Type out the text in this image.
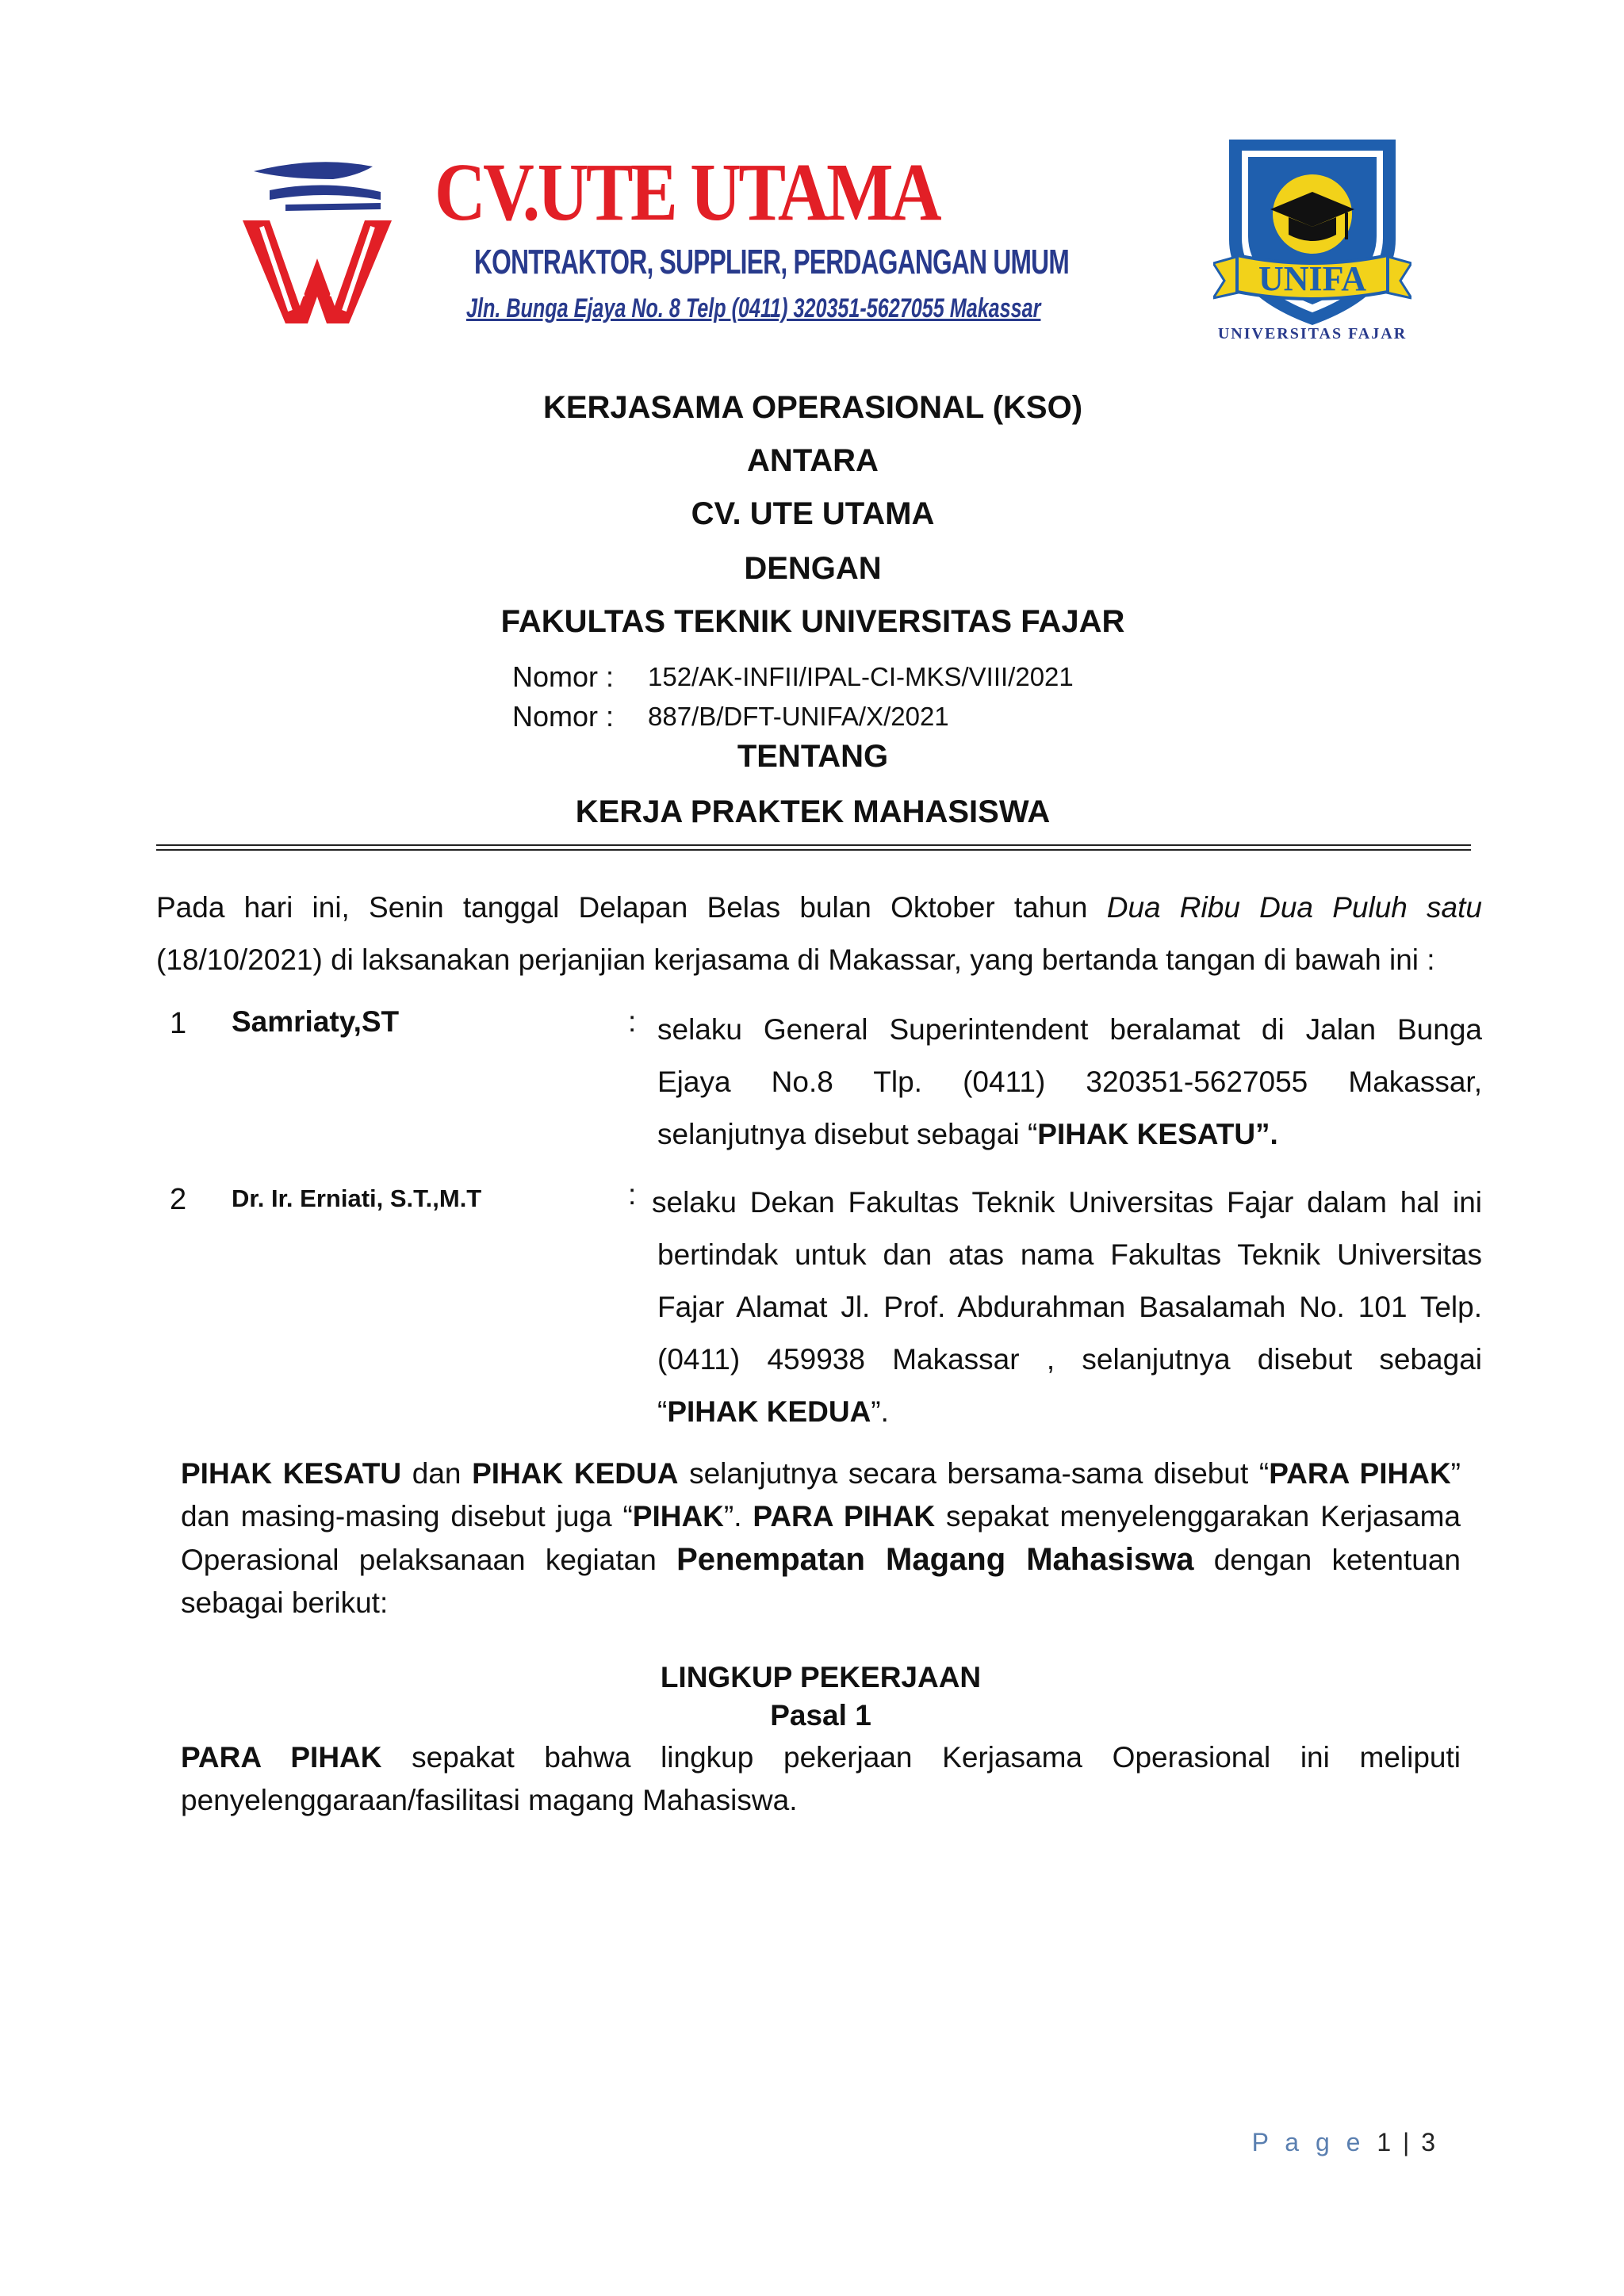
CV.UTE UTAMA
KONTRAKTOR, SUPPLIER, PERDAGANGAN UMUM
Jln. Bunga Ejaya No. 8 Telp (0411) 320351-5627055 Makassar
UNIFA
UNIVERSITAS FAJAR
KERJASAMA OPERASIONAL (KSO)
ANTARA
CV. UTE UTAMA
DENGAN
FAKULTAS TEKNIK UNIVERSITAS FAJAR
Nomor : 152/AK-INFII/IPAL-CI-MKS/VIII/2021
Nomor : 887/B/DFT-UNIFA/X/2021
TENTANG
KERJA PRAKTEK MAHASISWA
Pada hari ini, Senin tanggal Delapan Belas bulan Oktober tahun Dua Ribu Dua Puluh satu
(18/10/2021) di laksanakan perjanjian kerjasama di Makassar, yang bertanda tangan di bawah ini :
1 Samriaty,ST	: selaku General Superintendent beralamat di Jalan Bunga
Ejaya No.8 Tlp. (0411) 320351-5627055 Makassar,
selanjutnya disebut sebagai “PIHAK KESATU”.
2 Dr. Ir. Erniati, S.T.,M.T	: selaku Dekan Fakultas Teknik Universitas Fajar dalam hal ini
bertindak untuk dan atas nama Fakultas Teknik Universitas
Fajar Alamat Jl. Prof. Abdurahman Basalamah No. 101 Telp.
(0411) 459938 Makassar , selanjutnya disebut sebagai
“PIHAK KEDUA”.
PIHAK KESATU dan PIHAK KEDUA selanjutnya secara bersama-sama disebut “PARA PIHAK” dan masing-masing disebut juga “PIHAK”. PARA PIHAK sepakat menyelenggarakan Kerjasama Operasional pelaksanaan kegiatan Penempatan Magang Mahasiswa dengan ketentuan sebagai berikut:
LINGKUP PEKERJAAN
Pasal 1
PARA PIHAK sepakat bahwa lingkup pekerjaan Kerjasama Operasional ini meliputi penyelenggaraan/fasilitasi magang Mahasiswa.
P a g e 1 | 3
